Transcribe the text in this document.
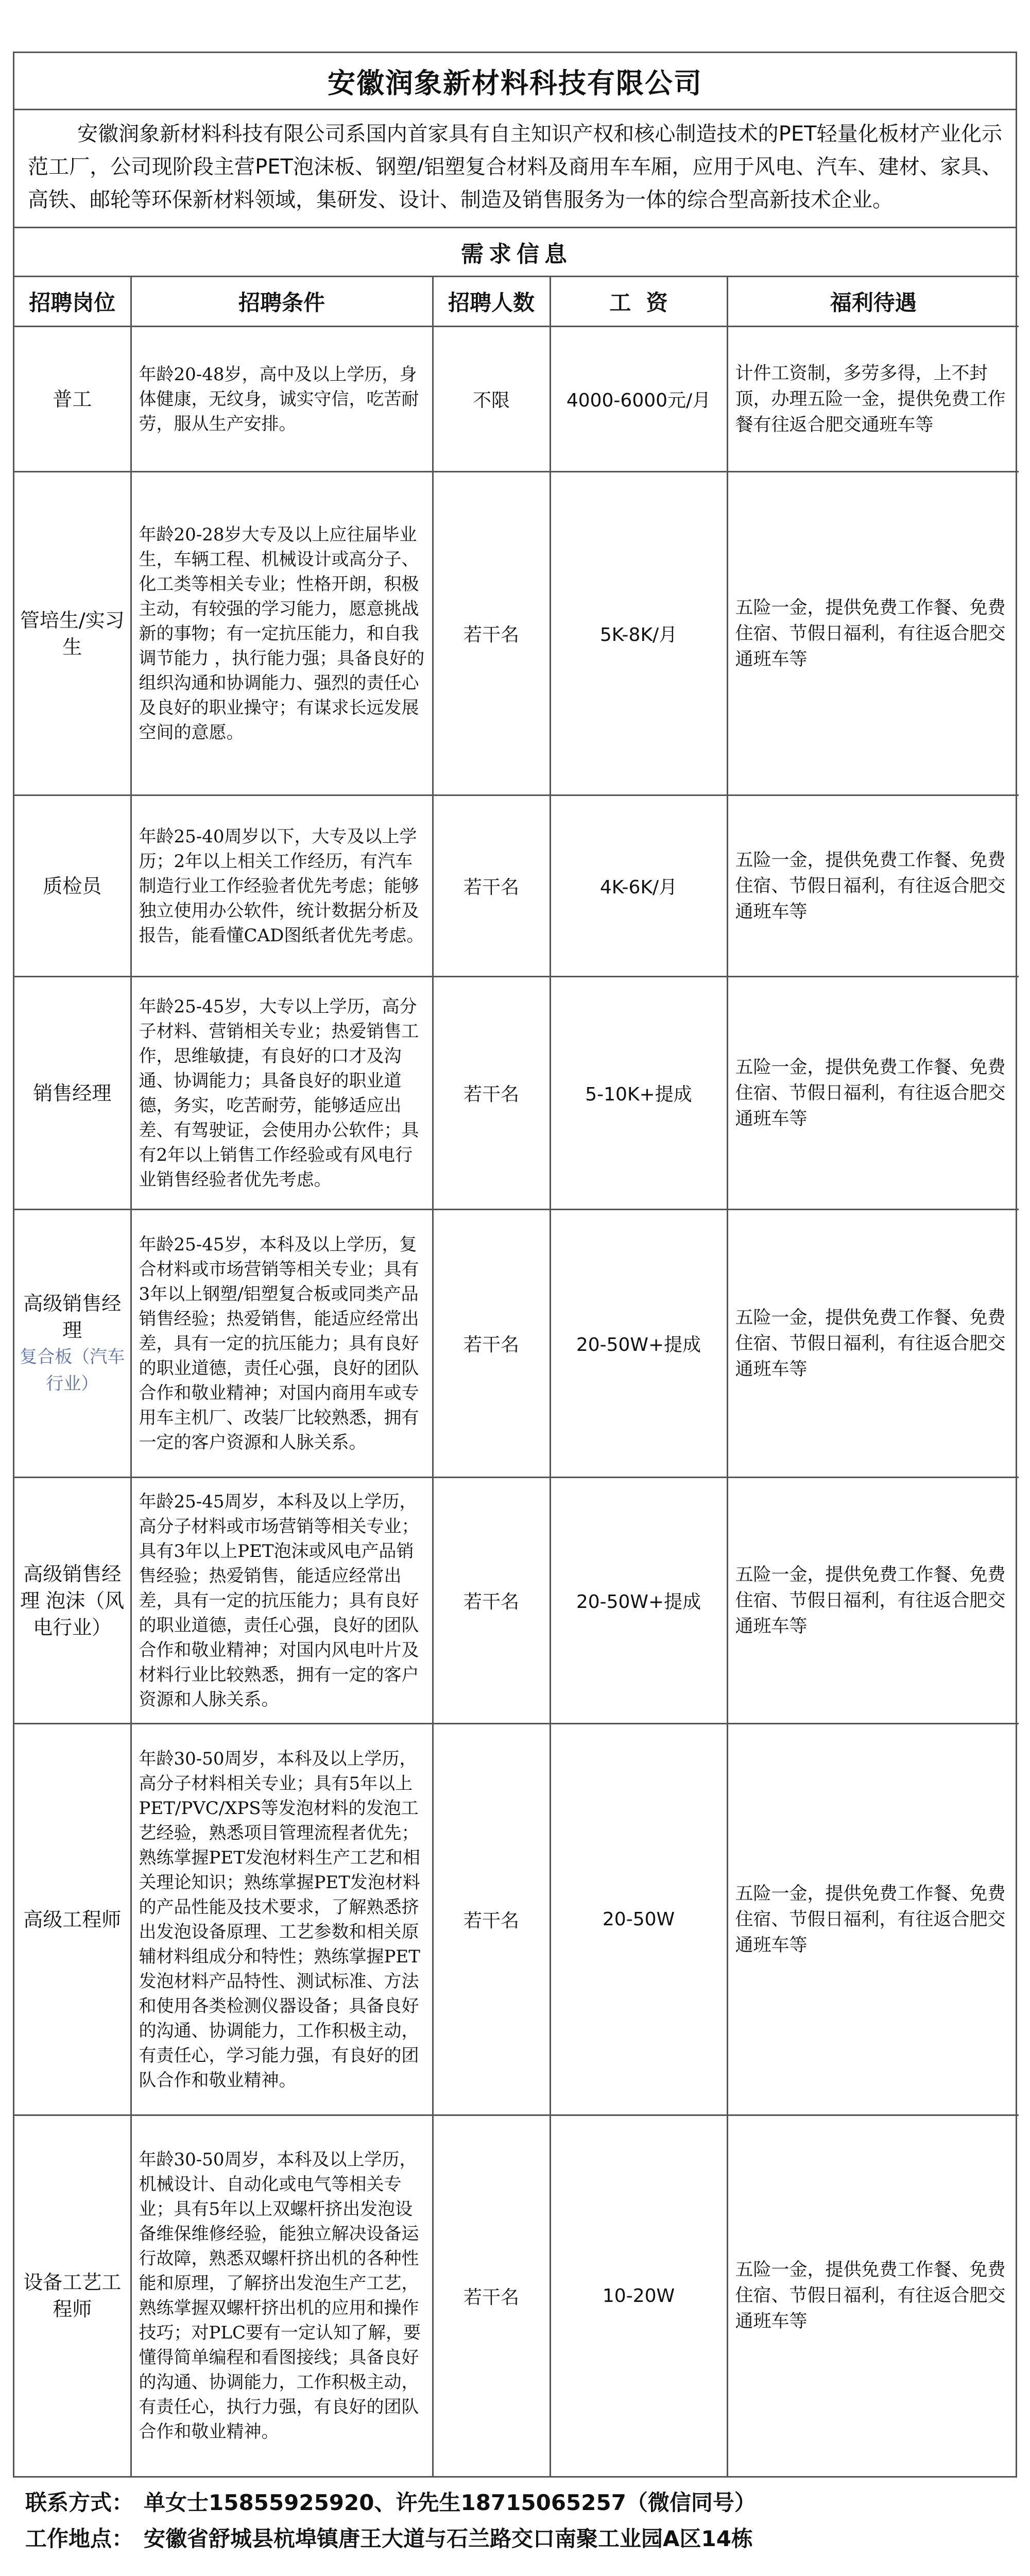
安徽润象新材料科技有限公司
安徽润象新材料科技有限公司系国内首家具有自主知识产权和核心制造技术的PET轻量化板材产业化示范工厂，公司现阶段主营PET泡沫板、钢塑/铝塑复合材料及商用车车厢，应用于风电、汽车、建材、家具、高铁、邮轮等环保新材料领域，集研发、设计、制造及销售服务为一体的综合型高新技术企业。
需求信息				
招聘岗位	招聘条件	招聘人数	工  资	福利待遇
普工	年龄20-48岁，高中及以上学历，身体健康，无纹身，诚实守信，吃苦耐劳，服从生产安排。	不限	4000-6000元/月	计件工资制，多劳多得，上不封顶，办理五险一金，提供免费工作餐有往返合肥交通班车等
管培生/实习生	年龄20-28岁大专及以上应往届毕业生，车辆工程、机械设计或高分子、化工类等相关专业；性格开朗，积极主动，有较强的学习能力，愿意挑战新的事物；有一定抗压能力，和自我调节能力 ，执行能力强；具备良好的组织沟通和协调能力、强烈的责任心及良好的职业操守；有谋求长远发展空间的意愿。	若干名	5K-8K/月	五险一金，提供免费工作餐、免费住宿、节假日福利，有往返合肥交通班车等
质检员	年龄25-40周岁以下，大专及以上学历；2年以上相关工作经历，有汽车制造行业工作经验者优先考虑；能够独立使用办公软件，统计数据分析及报告，能看懂CAD图纸者优先考虑。	若干名	4K-6K/月	五险一金，提供免费工作餐、免费住宿、节假日福利，有往返合肥交通班车等
销售经理	年龄25-45岁，大专以上学历，高分子材料、营销相关专业；热爱销售工作，思维敏捷，有良好的口才及沟通、协调能力；具备良好的职业道德，务实，吃苦耐劳，能够适应出差、有驾驶证，会使用办公软件；具有2年以上销售工作经验或有风电行业销售经验者优先考虑。	若干名	5-10K+提成	五险一金，提供免费工作餐、免费住宿、节假日福利，有往返合肥交通班车等

高级销售经理
复合板（汽车行业）	年龄25-45岁，本科及以上学历，复合材料或市场营销等相关专业；具有3年以上钢塑/铝塑复合板或同类产品销售经验；热爱销售，能适应经常出差，具有一定的抗压能力；具有良好的职业道德，责任心强，良好的团队合作和敬业精神；对国内商用车或专用车主机厂、改装厂比较熟悉，拥有一定的客户资源和人脉关系。	若干名	20-50W+提成	五险一金，提供免费工作餐、免费住宿、节假日福利，有往返合肥交通班车等
高级销售经理 泡沫（风电行业）	年龄25-45周岁，本科及以上学历，高分子材料或市场营销等相关专业；具有3年以上PET泡沫或风电产品销售经验；热爱销售，能适应经常出差，具有一定的抗压能力；具有良好的职业道德，责任心强，良好的团队合作和敬业精神；对国内风电叶片及材料行业比较熟悉，拥有一定的客户资源和人脉关系。	若干名	20-50W+提成	五险一金，提供免费工作餐、免费住宿、节假日福利，有往返合肥交通班车等
高级工程师	年龄30-50周岁，本科及以上学历，高分子材料相关专业；具有5年以上PET/PVC/XPS等发泡材料的发泡工艺经验，熟悉项目管理流程者优先；熟练掌握PET发泡材料生产工艺和相关理论知识；熟练掌握PET发泡材料的产品性能及技术要求，了解熟悉挤出发泡设备原理、工艺参数和相关原辅材料组成分和特性；熟练掌握PET发泡材料产品特性、测试标准、方法和使用各类检测仪器设备；具备良好的沟通、协调能力，工作积极主动，有责任心，学习能力强，有良好的团队合作和敬业精神。	若干名	20-50W	五险一金，提供免费工作餐、免费住宿、节假日福利，有往返合肥交通班车等
设备工艺工程师	年龄30-50周岁，本科及以上学历，机械设计、自动化或电气等相关专业；具有5年以上双螺杆挤出发泡设备维保维修经验，能独立解决设备运行故障，熟悉双螺杆挤出机的各种性能和原理，了解挤出发泡生产工艺，熟练掌握双螺杆挤出机的应用和操作技巧；对PLC要有一定认知了解，要懂得简单编程和看图接线；具备良好的沟通、协调能力，工作积极主动，有责任心，执行力强，有良好的团队合作和敬业精神。	若干名	10-20W	五险一金，提供免费工作餐、免费住宿、节假日福利，有往返合肥交通班车等
联系方式： 单女士15855925920、许先生18715065257（微信同号）
工作地点： 安徽省舒城县杭埠镇唐王大道与石兰路交口南聚工业园A区14栋
